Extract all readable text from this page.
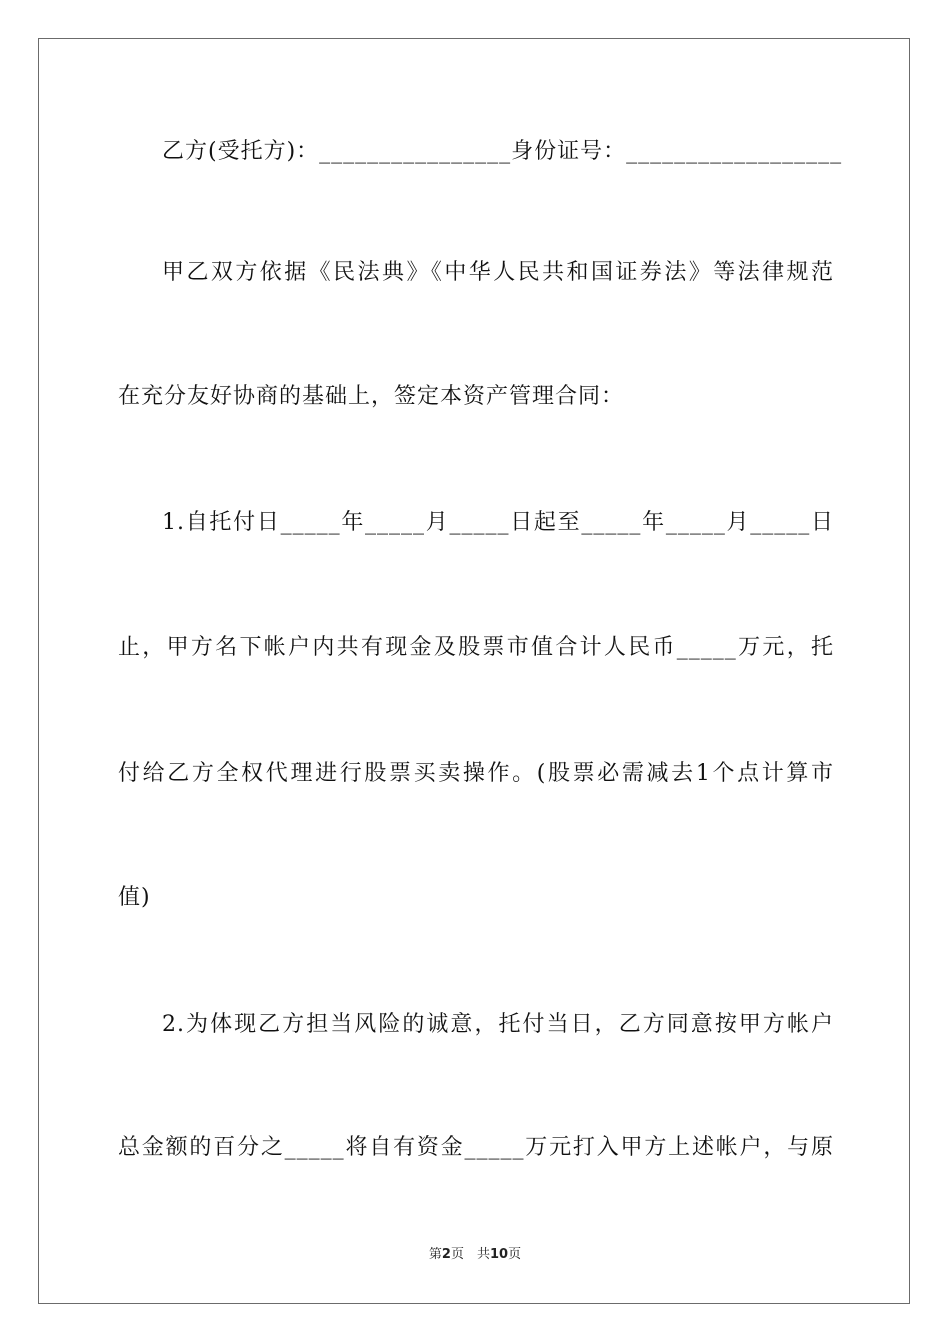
乙方(受托方)：________________身份证号：__________________
甲乙双方依据《民法典》《中华人民共和国证券法》等法律规范
在充分友好协商的基础上，签定本资产管理合同：
1.自托付日_____年_____月_____日起至_____年_____月_____日
止，甲方名下帐户内共有现金及股票市值合计人民币_____万元，托
付给乙方全权代理进行股票买卖操作。(股票必需减去1个点计算市
值)
2.为体现乙方担当风险的诚意，托付当日，乙方同意按甲方帐户
总金额的百分之_____将自有资金_____万元打入甲方上述帐户，与原
第2页　共10页
